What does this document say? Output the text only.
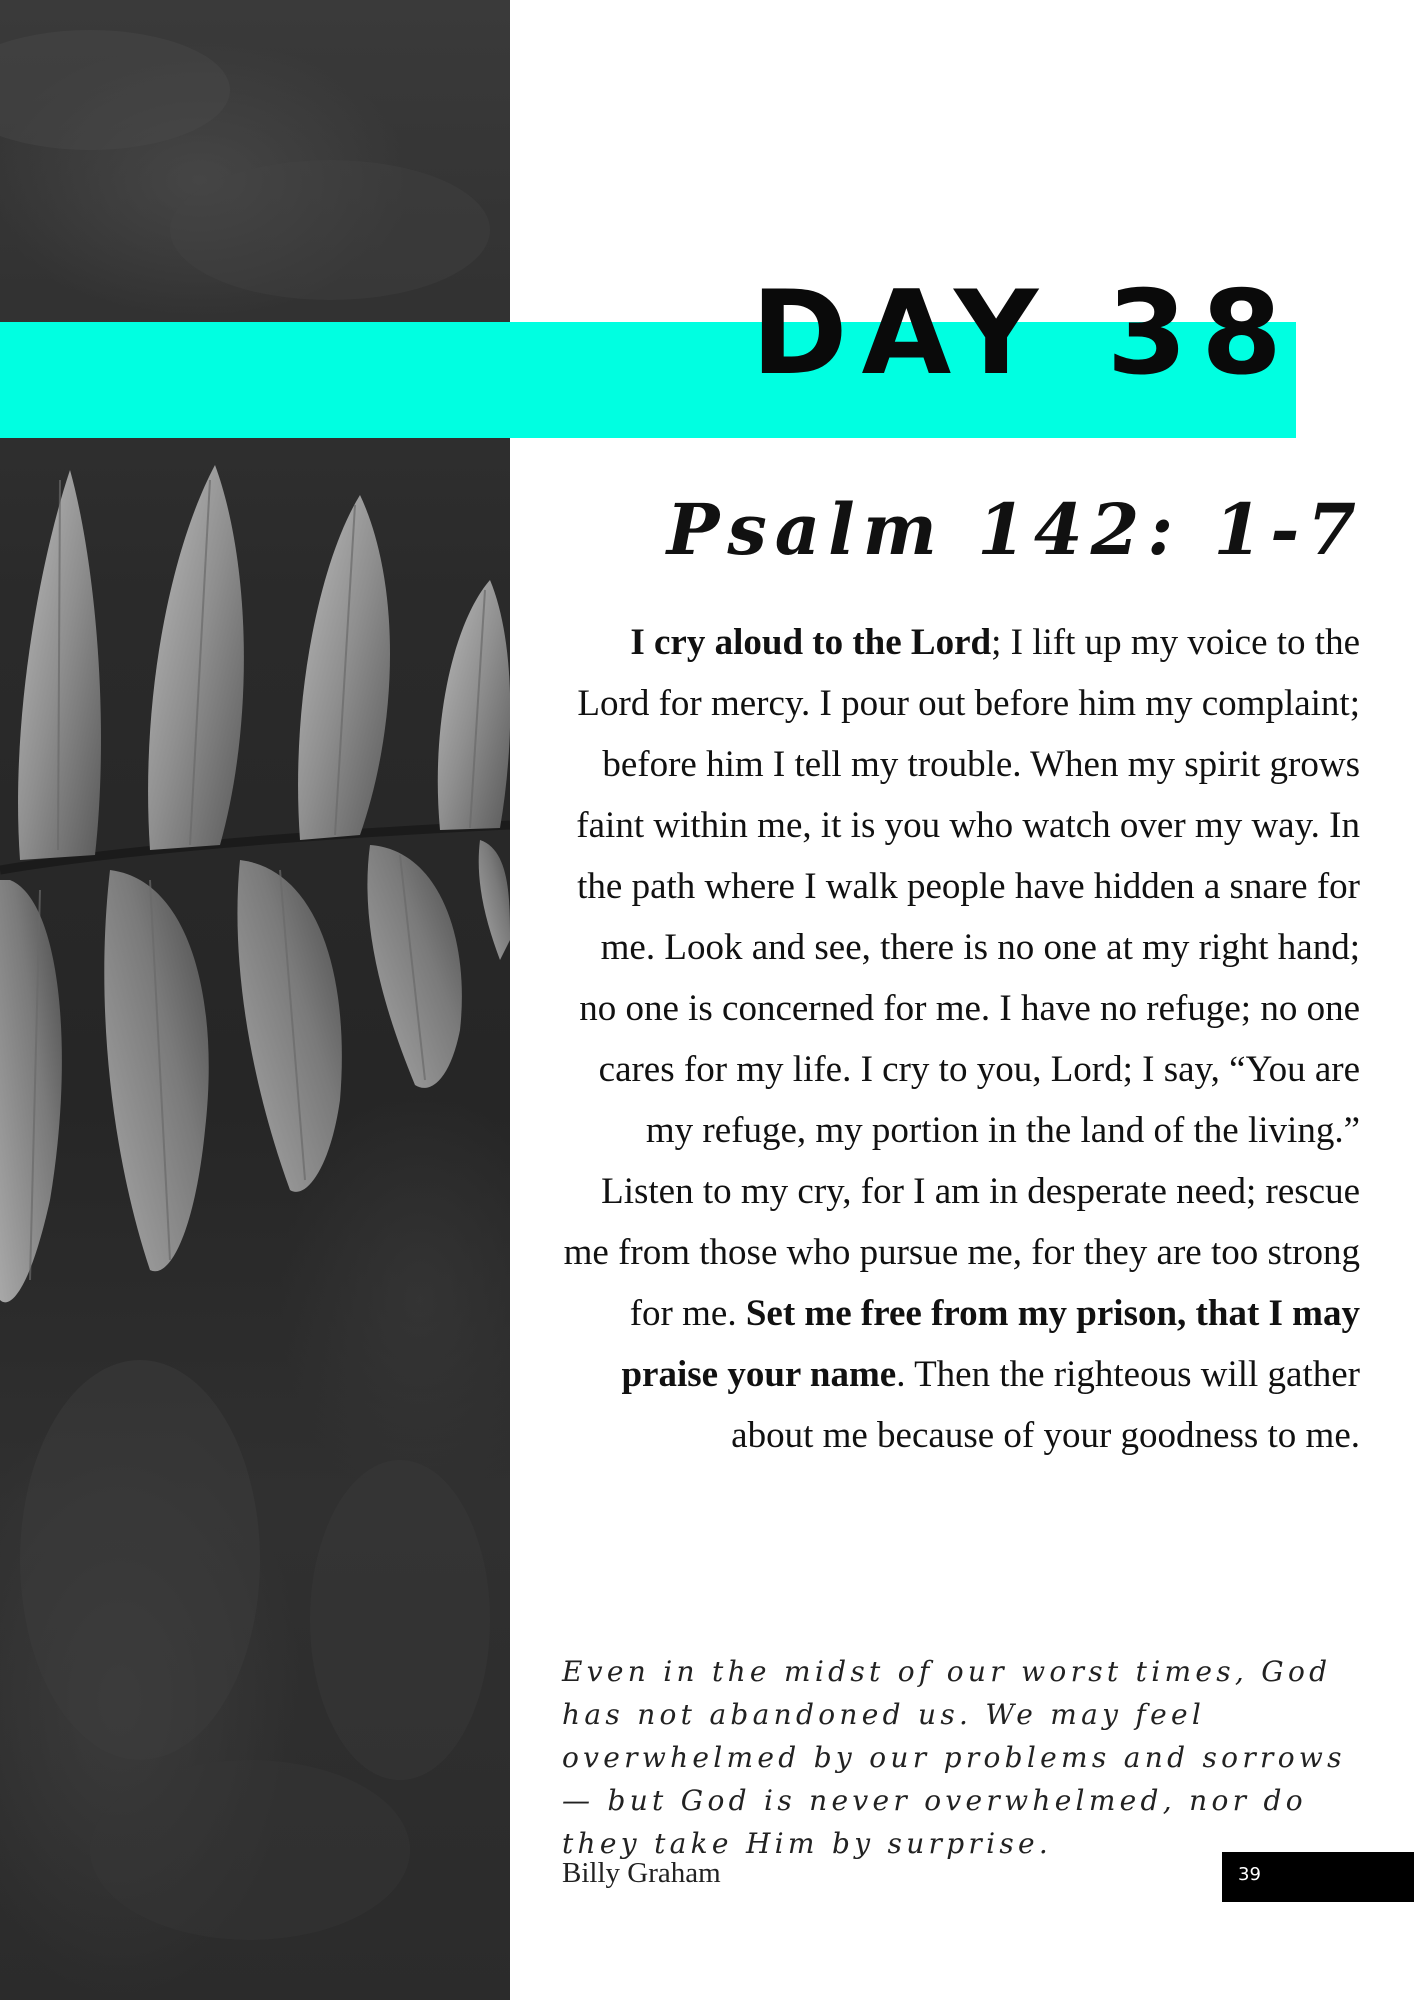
DAY 38
Psalm 142: 1-7

I cry aloud to the Lord; I lift up my voice to the Lord for mercy. I pour out before him my complaint; before him I tell my trouble. When my spirit grows faint within me, it is you who watch over my way. In the path where I walk people have hidden a snare for me. Look and see, there is no one at my right hand; no one is concerned for me. I have no refuge; no one cares for my life. I cry to you, Lord; I say, “You are my refuge, my portion in the land of the living.” Listen to my cry, for I am in desperate need; rescue me from those who pursue me, for they are too strong for me. Set me free from my prison, that I may praise your name. Then the righteous will gather about me because of your goodness to me.

Even in the midst of our worst times, God has not abandoned us. We may feel overwhelmed by our problems and sorrows — but God is never overwhelmed, nor do they take Him by surprise.

Billy Graham	39
